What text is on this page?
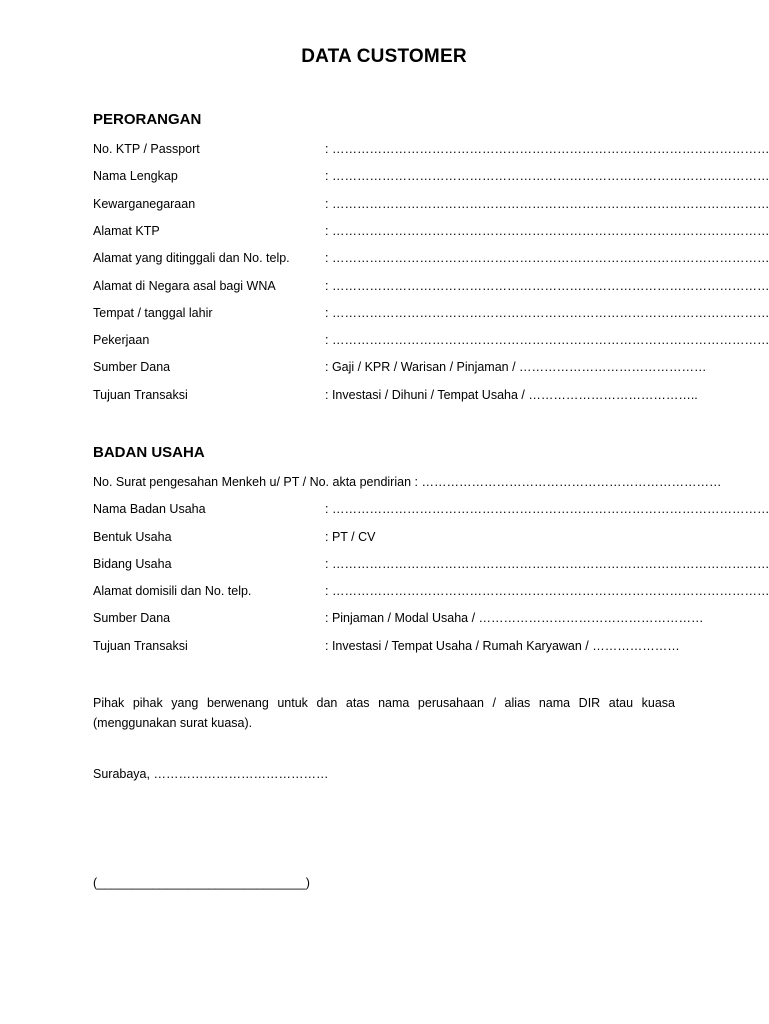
DATA CUSTOMER
PERORANGAN
No. KTP / Passport	: ……………………………………………………………………………………………
Nama Lengkap	: ……………………………………………………………………………………………
Kewarganegaraan	: ……………………………………………………………………………………………
Alamat KTP	: ……………………………………………………………………………………………
Alamat yang ditinggali dan No. telp.	: ……………………………………………………………………………………………
Alamat di Negara asal bagi WNA	: ……………………………………………………………………………………………
Tempat / tanggal lahir	: ……………………………………………………………………………………………
Pekerjaan	: ……………………………………………………………………………………………
Sumber Dana	: Gaji / KPR / Warisan / Pinjaman / ………………………………………
Tujuan Transaksi	: Investasi / Dihuni / Tempat Usaha / …………………………………..
BADAN USAHA
No. Surat pengesahan Menkeh u/ PT / No. akta pendirian : ………………………………………………………………
Nama Badan Usaha	: ……………………………………………………………………………………………
Bentuk Usaha	: PT / CV
Bidang Usaha	: ……………………………………………………………………………………………
Alamat domisili dan No. telp.	: ……………………………………………………………………………………………
Sumber Dana	: Pinjaman / Modal Usaha / ………………………………………………
Tujuan Transaksi	: Investasi / Tempat Usaha / Rumah Karyawan / …………………
Pihak pihak yang berwenang untuk dan atas nama perusahaan / alias nama DIR atau kuasa (menggunakan surat kuasa).
Surabaya, ……………………………………
(______________________________)
